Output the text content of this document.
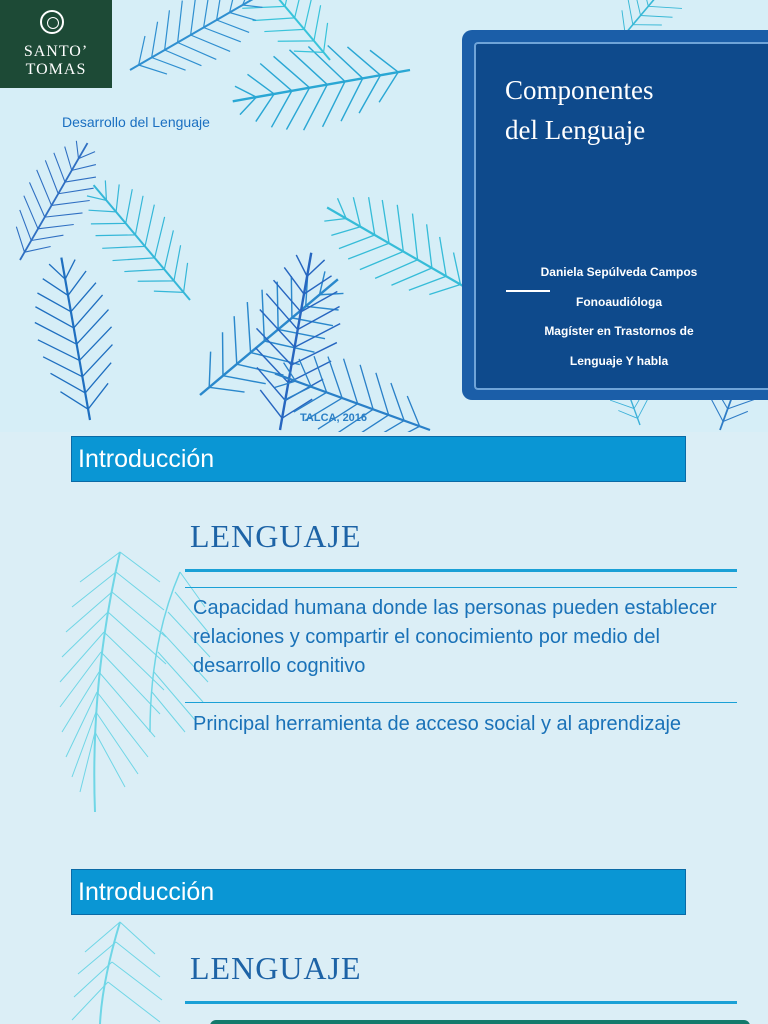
SANTO’
TOMAS
Desarrollo del Lenguaje
Componentes
del Lenguaje
Daniela Sepúlveda Campos
Fonoaudióloga
Magíster en Trastornos de
Lenguaje Y habla
TALCA, 2016
Introducción
LENGUAJE
Capacidad humana donde las personas pueden establecer relaciones y compartir el conocimiento por medio del desarrollo cognitivo
Principal herramienta de acceso social y al aprendizaje
Introducción
LENGUAJE
